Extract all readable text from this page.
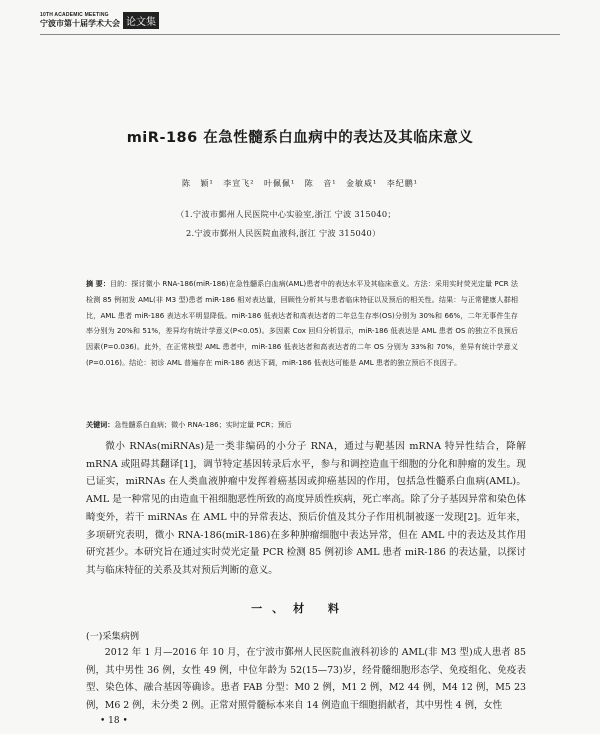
10TH ACADEMIC MEETING
宁波市第十届学术大会 论文集
miR-186 在急性髓系白血病中的表达及其临床意义
陈 颖¹ 李宣飞² 叶佩佩¹ 陈 音¹ 金敏威¹ 李纪鹏¹
（1.宁波市鄞州人民医院中心实验室,浙江 宁波 315040；
2.宁波市鄞州人民医院血液科,浙江 宁波 315040）
摘 要：目的：探讨微小 RNA-186(miR-186)在急性髓系白血病(AML)患者中的表达水平及其临床意义。方法：采用实时荧光定量 PCR 法检测 85 例初发 AML(非 M3 型)患者 miR-186 相对表达量，回顾性分析其与患者临床特征以及预后的相关性。结果：与正常健康人群相比，AML 患者 miR-186 表达水平明显降低。miR-186 低表达者和高表达者的二年总生存率(OS)分别为 30%和 66%，二年无事件生存率分别为 20%和 51%，差异均有统计学意义(P<0.05)。多因素 Cox 回归分析显示，miR-186 低表达是 AML 患者 OS 的独立不良预后因素(P=0.036)。此外，在正常核型 AML 患者中，miR-186 低表达者和高表达者的二年 OS 分别为 33%和 70%，差异有统计学意义(P=0.016)。结论：初诊 AML 普遍存在 miR-186 表达下调，miR-186 低表达可能是 AML 患者的独立预后不良因子。
关键词：急性髓系白血病；微小 RNA-186；实时定量 PCR；预后
微小 RNAs(miRNAs)是一类非编码的小分子 RNA，通过与靶基因 mRNA 特异性结合，降解 mRNA 或阻碍其翻译[1]，调节特定基因转录后水平，参与和调控造血干细胞的分化和肿瘤的发生。现已证实，miRNAs 在人类血液肿瘤中发挥着癌基因或抑癌基因的作用，包括急性髓系白血病(AML)。AML 是一种常见的由造血干祖细胞恶性所致的高度异质性疾病，死亡率高。除了分子基因异常和染色体畸变外，若干 miRNAs 在 AML 中的异常表达、预后价值及其分子作用机制被逐一发现[2]。近年来，多项研究表明，微小 RNA-186(miR-186)在多种肿瘤细胞中表达异常，但在 AML 中的表达及其作用研究甚少。本研究旨在通过实时荧光定量 PCR 检测 85 例初诊 AML 患者 miR-186 的表达量，以探讨其与临床特征的关系及其对预后判断的意义。
一、材 料
(一)采集病例
2012 年 1 月—2016 年 10 月，在宁波市鄞州人民医院血液科初诊的 AML(非 M3 型)成人患者 85 例，其中男性 36 例，女性 49 例，中位年龄为 52(15—73)岁，经骨髓细胞形态学、免疫组化、免疫表型、染色体、融合基因等确诊。患者 FAB 分型：M0 2 例，M1 2 例，M2 44 例，M4 12 例，M5 23 例，M6 2 例，未分类 2 例。正常对照骨髓标本来自 14 例造血干细胞捐献者，其中男性 4 例，女性
• 18 •
